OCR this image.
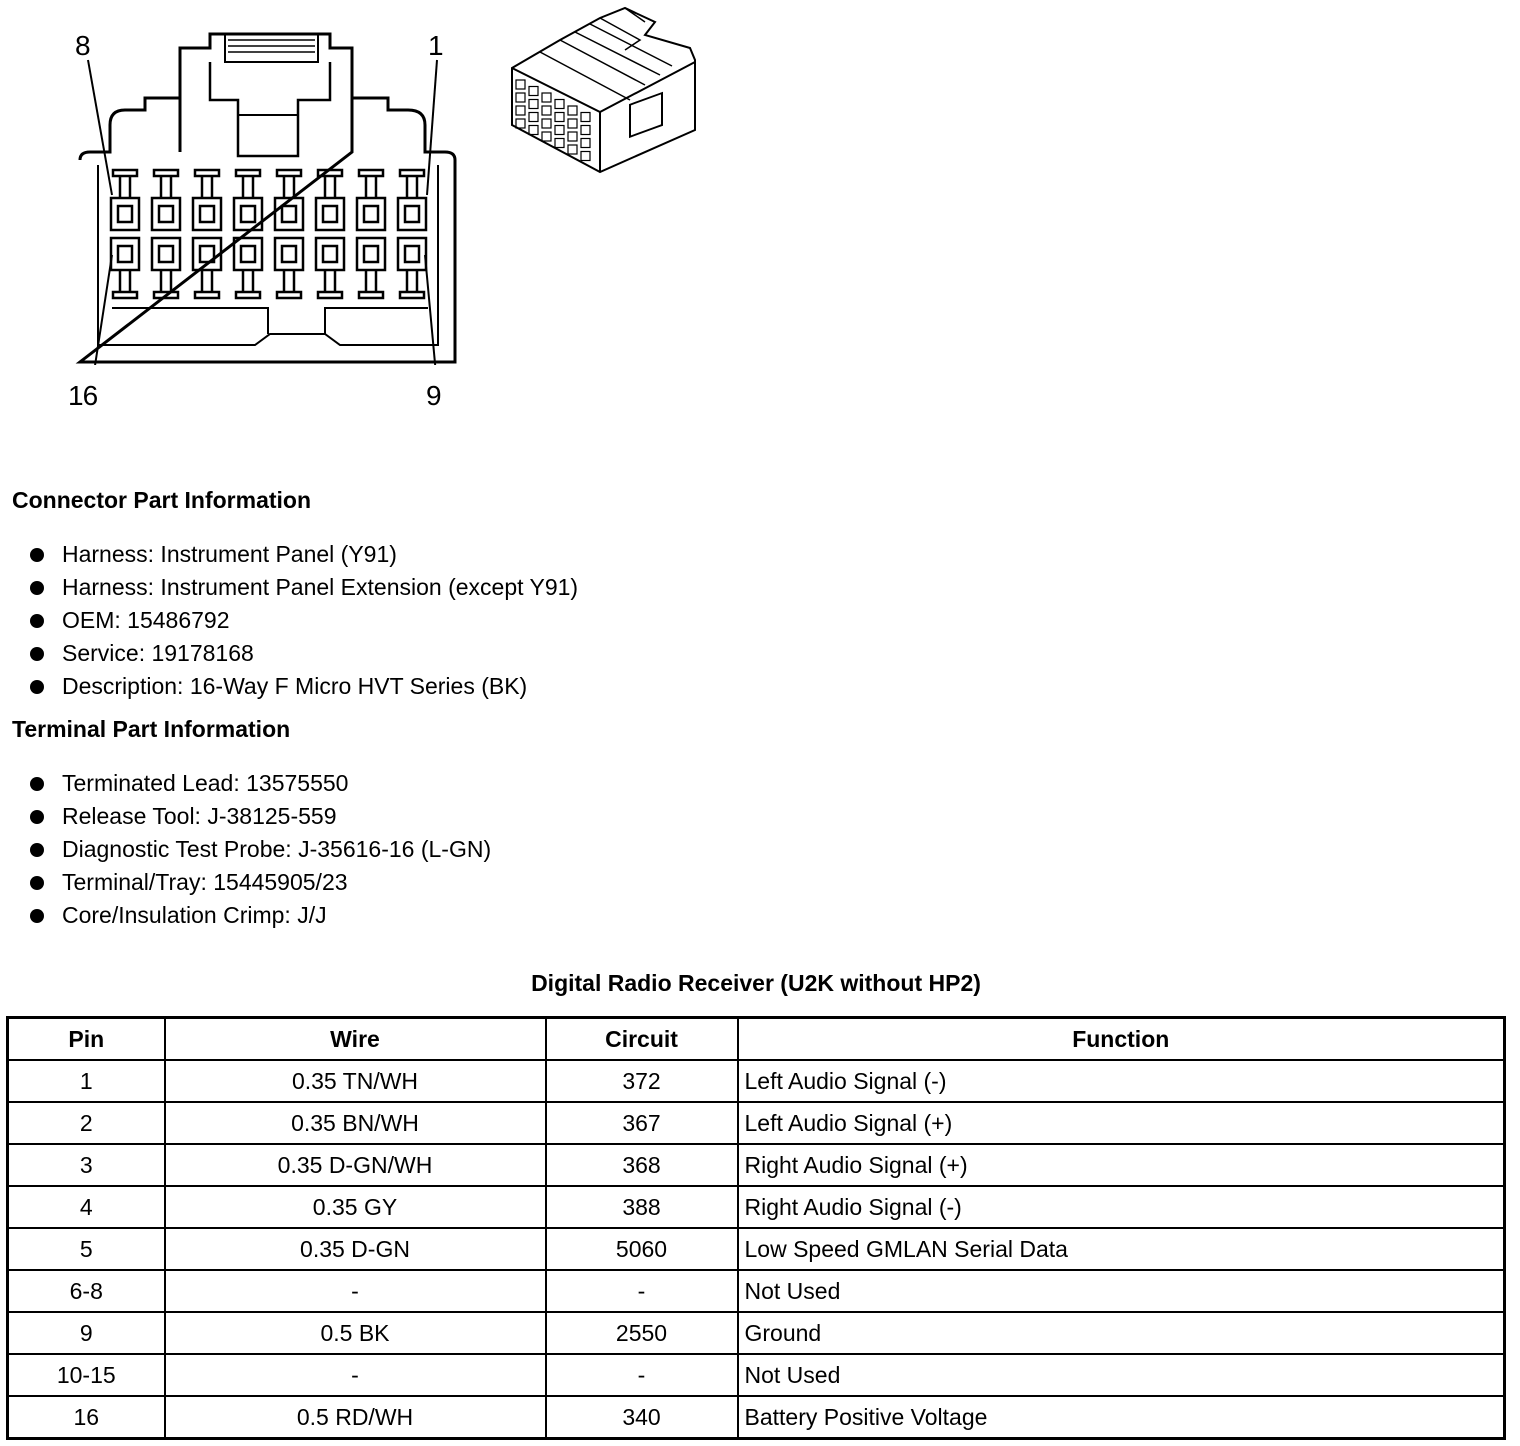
8	1
16	9
Connector Part Information
Harness: Instrument Panel (Y91)
Harness: Instrument Panel Extension (except Y91)
OEM: 15486792
Service: 19178168
Description: 16-Way F Micro HVT Series (BK)
Terminal Part Information
Terminated Lead: 13575550
Release Tool: J-38125-559
Diagnostic Test Probe: J-35616-16 (L-GN)
Terminal/Tray: 15445905/23
Core/Insulation Crimp: J/J
Digital Radio Receiver (U2K without HP2)
Pin	Wire	Circuit	Function
1	0.35 TN/WH	372	Left Audio Signal (-)
2	0.35 BN/WH	367	Left Audio Signal (+)
3	0.35 D-GN/WH	368	Right Audio Signal (+)
4	0.35 GY	388	Right Audio Signal (-)
5	0.35 D-GN	5060	Low Speed GMLAN Serial Data
6-8	-	-	Not Used
9	0.5 BK	2550	Ground
10-15	-	-	Not Used
16	0.5 RD/WH	340	Battery Positive Voltage
